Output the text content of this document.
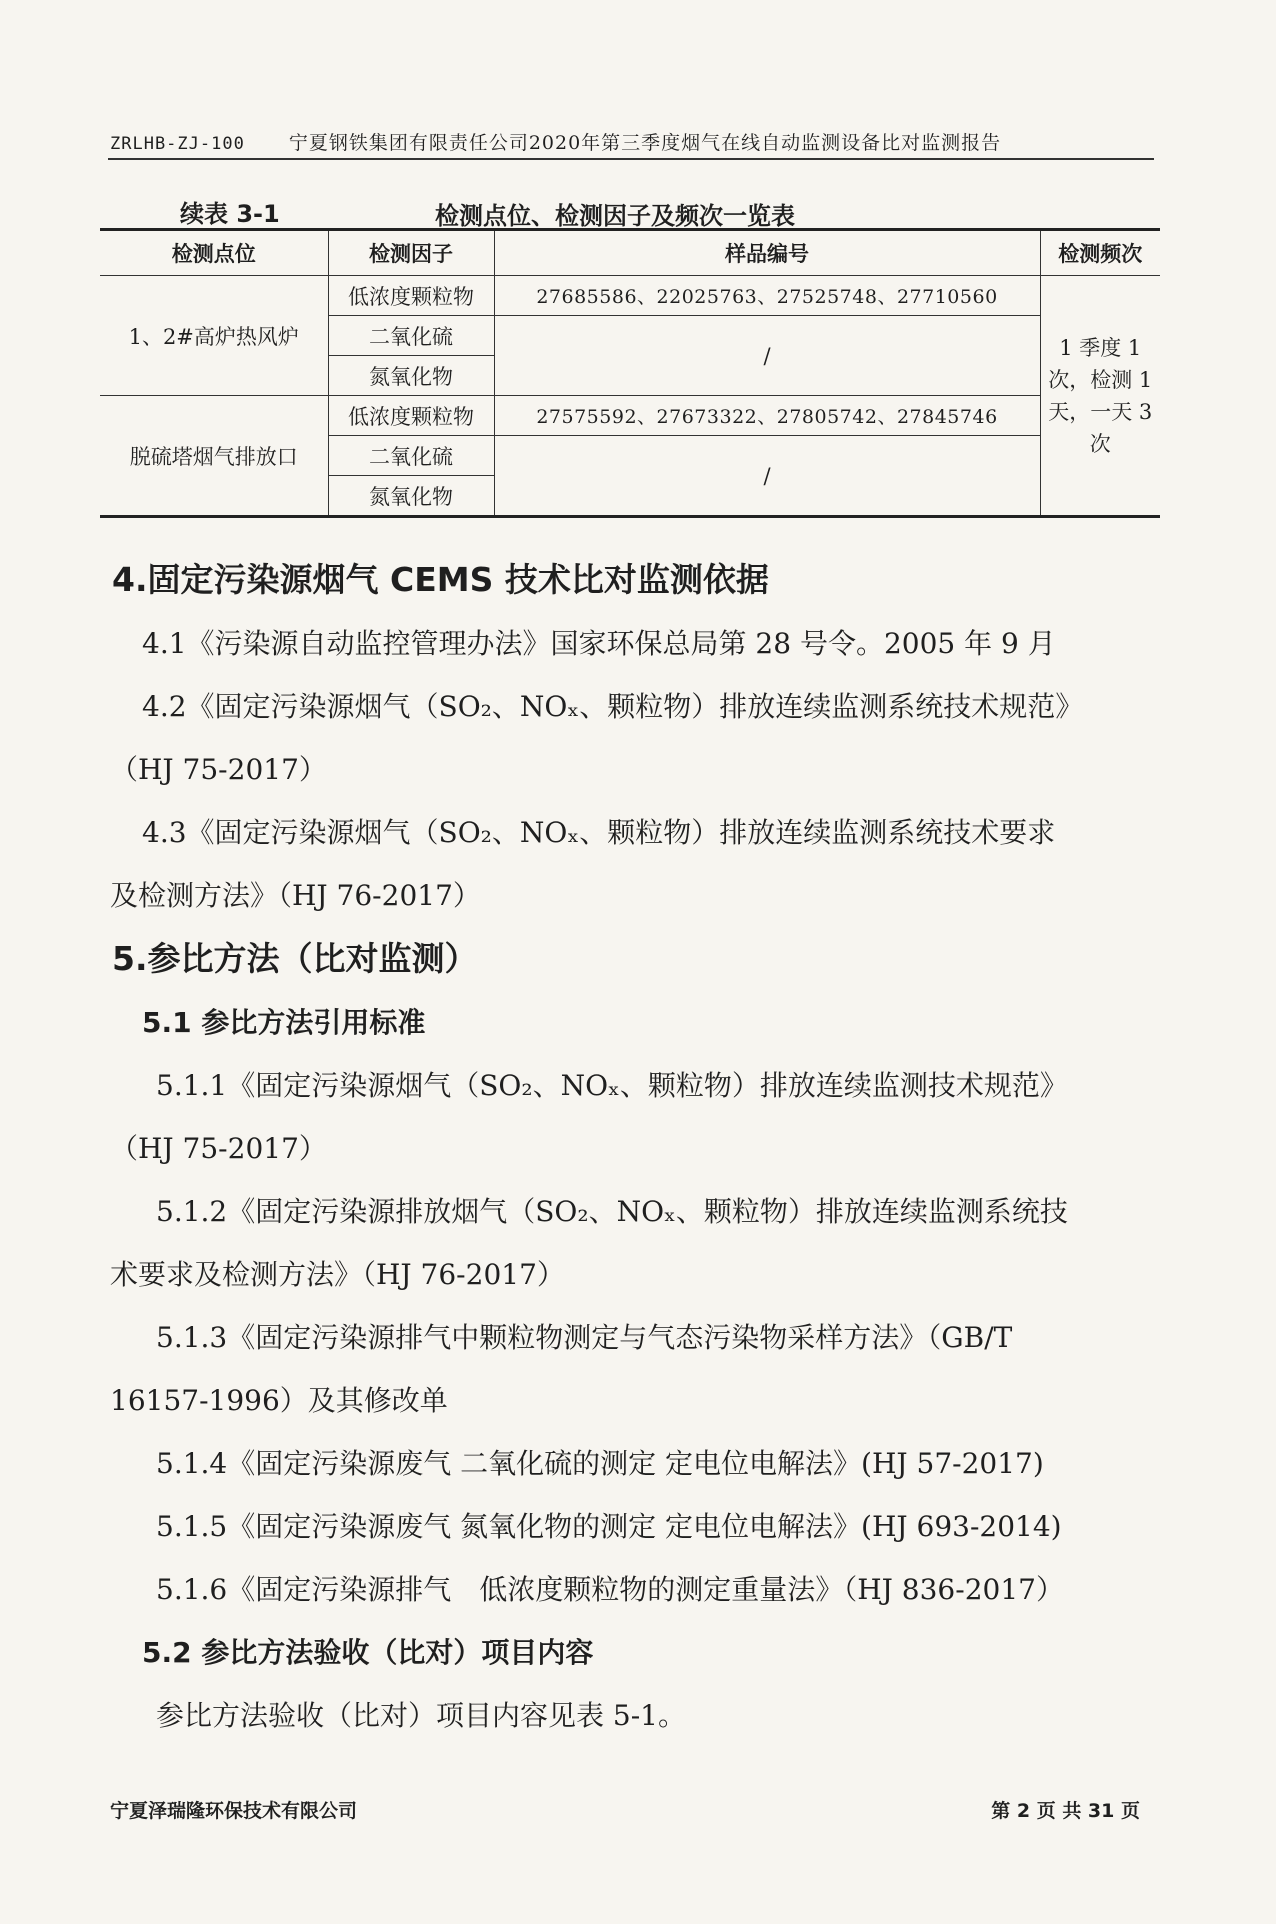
ZRLHB-ZJ-100 宁夏钢铁集团有限责任公司2020年第三季度烟气在线自动监测设备比对监测报告
续表 3-1	检测点位、检测因子及频次一览表
检测点位	检测因子	样品编号	检测频次
1、2#高炉热风炉	低浓度颗粒物	27685586、22025763、27525748、27710560	1 季度 1
次，检测 1
天，一天 3
次

	二氧化硫	/	
	氮氧化物		
脱硫塔烟气排放口	低浓度颗粒物	27575592、27673322、27805742、27845746	
	二氧化硫	/	
	氮氧化物		
4.固定污染源烟气 CEMS 技术比对监测依据
4.1《污染源自动监控管理办法》国家环保总局第 28 号令。2005 年 9 月
4.2《固定污染源烟气（SO₂、NOₓ、颗粒物）排放连续监测系统技术规范》
（HJ 75-2017）
4.3《固定污染源烟气（SO₂、NOₓ、颗粒物）排放连续监测系统技术要求
及检测方法》（HJ 76-2017）
5.参比方法（比对监测）
5.1 参比方法引用标准
5.1.1《固定污染源烟气（SO₂、NOₓ、颗粒物）排放连续监测技术规范》
（HJ 75-2017）
5.1.2《固定污染源排放烟气（SO₂、NOₓ、颗粒物）排放连续监测系统技
术要求及检测方法》（HJ 76-2017）
5.1.3《固定污染源排气中颗粒物测定与气态污染物采样方法》（GB/T
16157-1996）及其修改单
5.1.4《固定污染源废气 二氧化硫的测定 定电位电解法》(HJ 57-2017)
5.1.5《固定污染源废气 氮氧化物的测定 定电位电解法》(HJ 693-2014)
5.1.6《固定污染源排气　低浓度颗粒物的测定重量法》（HJ 836-2017）
5.2 参比方法验收（比对）项目内容
参比方法验收（比对）项目内容见表 5-1。
宁夏泽瑞隆环保技术有限公司	第 2 页 共 31 页
